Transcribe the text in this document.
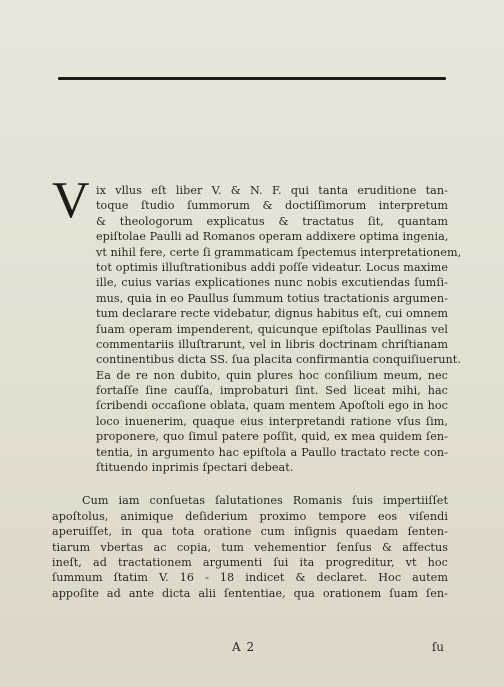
V ix vllus eſt liber V. & N. F. qui tanta eruditione tan-
toque ſtudio ſummorum & doctiſſimorum interpretum
& theologorum explicatus & tractatus ſit, quantam
epiſtolae Paulli ad Romanos operam addixere optima ingenia,
vt nihil fere, certe ſi grammaticam ſpectemus interpretationem,
tot optimis illuſtrationibus addi poſſe videatur. Locus maxime
ille, cuius varias explicationes nunc nobis excutiendas ſumſi-
mus, quia in eo Paullus ſummum totius tractationis argumen-
tum declarare recte videbatur, dignus habitus eſt, cui omnem
ſuam operam impenderent, quicunque epiſtolas Paullinas vel
commentariis illuſtrarunt, vel in libris doctrinam chriſtianam
continentibus dicta SS. ſua placita confirmantia conquiſiuerunt.
Ea de re non dubito, quin plures hoc conſilium meum, nec
fortaſſe ſine cauſſa, improbaturi ſint. Sed liceat mihi, hac
ſcribendi occaſione oblata, quam mentem Apoſtoli ego in hoc
loco inuenerim, quaque eius interpretandi ratione vſus ſim,
proponere, quo ſimul patere poſſit, quid, ex mea quidem ſen-
tentia, in argumento hac epiſtola a Paullo tractato recte con-
ſtituendo inprimis ſpectari debeat.
Cum iam conſuetas ſalutationes Romanis ſuis impertiiſſet
apoſtolus, animique deſiderium proximo tempore eos viſendi
aperuiſſet, in qua tota oratione cum inſignis quaedam ſenten-
tiarum vbertas ac copia, tum vehementior ſenſus & affectus
ineſt, ad tractationem argumenti ſui ita progreditur, vt hoc
ſummum ſtatim V. 16 - 18 indicet & declaret. Hoc autem
appoſite ad ante dicta alii ſententiae, qua orationem ſuam ſen-
A 2	ſu
